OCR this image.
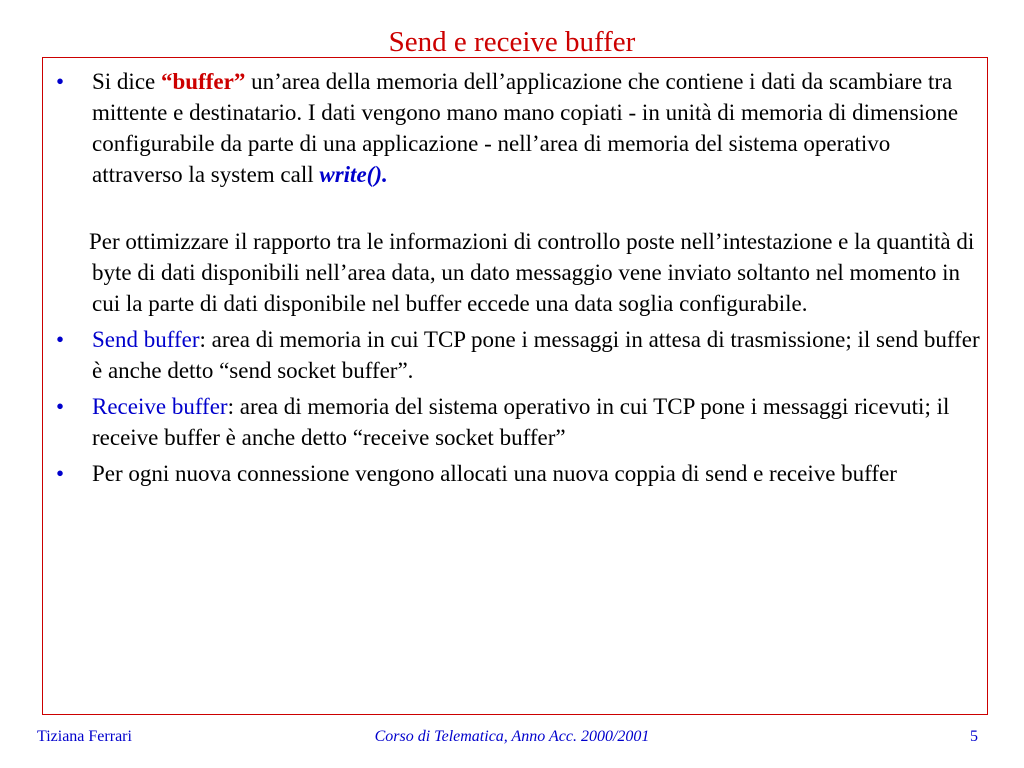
Send e receive buffer
• Si dice “buffer” un’area della memoria dell’applicazione che contiene i dati da scambiare tra mittente e destinatario. I dati vengono mano mano copiati - in unità di memoria di dimensione configurabile da parte di una applicazione - nell’area di memoria del sistema operativo attraverso la system call write().
Per ottimizzare il rapporto tra le informazioni di controllo poste nell’intestazione e la quantità di byte di dati disponibili nell’area data, un dato messaggio vene inviato soltanto nel momento in cui la parte di dati disponibile nel buffer eccede una data soglia configurabile.
• Send buffer: area di memoria in cui TCP pone i messaggi in attesa di trasmissione; il send buffer è anche detto “send socket buffer”.
• Receive buffer: area di memoria del sistema operativo in cui TCP pone i messaggi ricevuti; il receive buffer è anche detto “receive socket buffer”
• Per ogni nuova connessione vengono allocati una nuova coppia di send e receive buffer
Tiziana Ferrari	Corso di Telematica, Anno Acc. 2000/2001	5
